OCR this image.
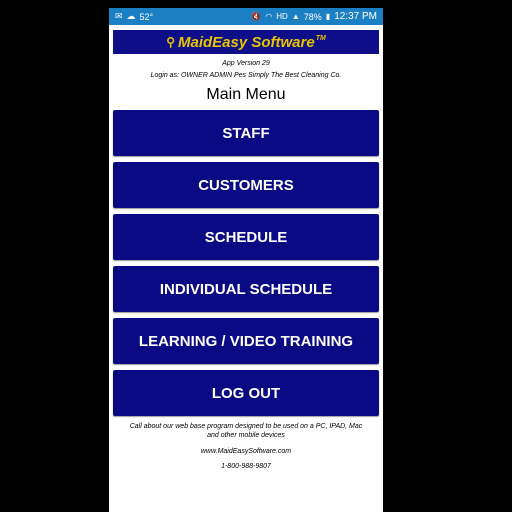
✉ ☁ 52°	🔇 ◠ HD ▲ 78% ▮ 12:37 PM
⚲ MaidEasy Software TM
App Version 29
Login as: OWNER ADMIN Pes Simply The Best Cleaning Co.
Main Menu
STAFF
CUSTOMERS
SCHEDULE
INDIVIDUAL SCHEDULE
LEARNING / VIDEO TRAINING
LOG OUT
Call about our web base program designed to be used on a PC, IPAD, Mac and other mobile devices
www.MaidEasySoftware.com
1-800-988-9807
